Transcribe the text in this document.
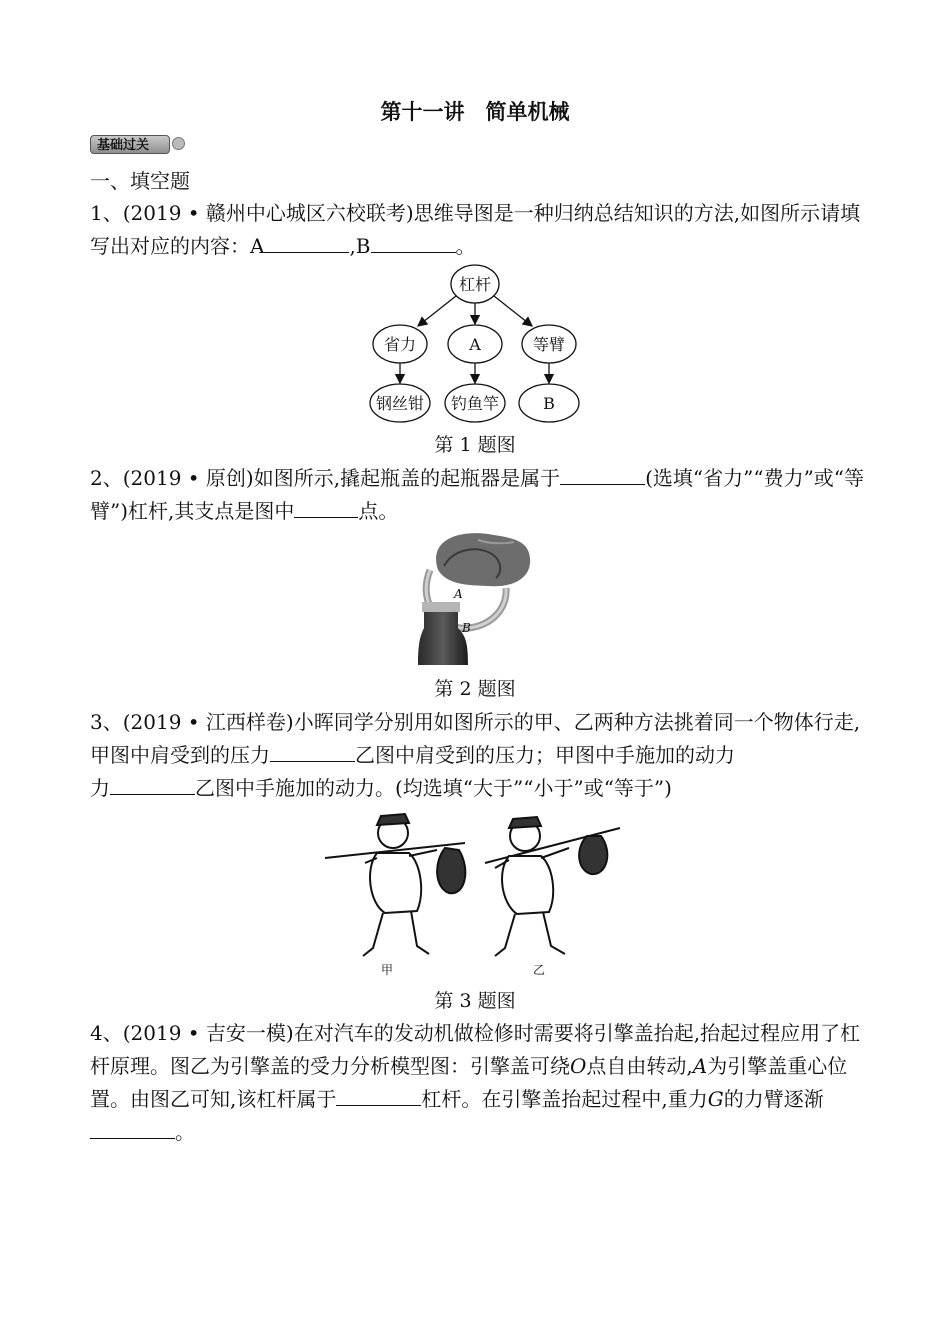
第十一讲　简单机械
基础过关
一、填空题
1、(2019 • 赣州中心城区六校联考)思维导图是一种归纳总结知识的方法,如图所示请填写出对应的内容：A	,B	。
杠杆
省力	A	等臂
钢丝钳 钓鱼竿	B
第 1 题图
2、(2019 • 原创)如图所示,撬起瓶盖的起瓶器是属于	(选填“省力”“费力”或“等臂”)杠杆,其支点是图中	点。
A
B
第 2 题图
3、(2019 • 江西样卷)小晖同学分别用如图所示的甲、乙两种方法挑着同一个物体行走,甲图中肩受到的压力	乙图中肩受到的压力；甲图中手施加的动力
力	乙图中手施加的动力。(均选填“大于”“小于”或“等于”)
甲	乙
第 3 题图
4、(2019 • 吉安一模)在对汽车的发动机做检修时需要将引擎盖抬起,抬起过程应用了杠杆原理。图乙为引擎盖的受力分析模型图：引擎盖可绕O点自由转动,A为引擎盖重心位置。由图乙可知,该杠杆属于	杠杆。在引擎盖抬起过程中,重力G的力臂逐渐。
